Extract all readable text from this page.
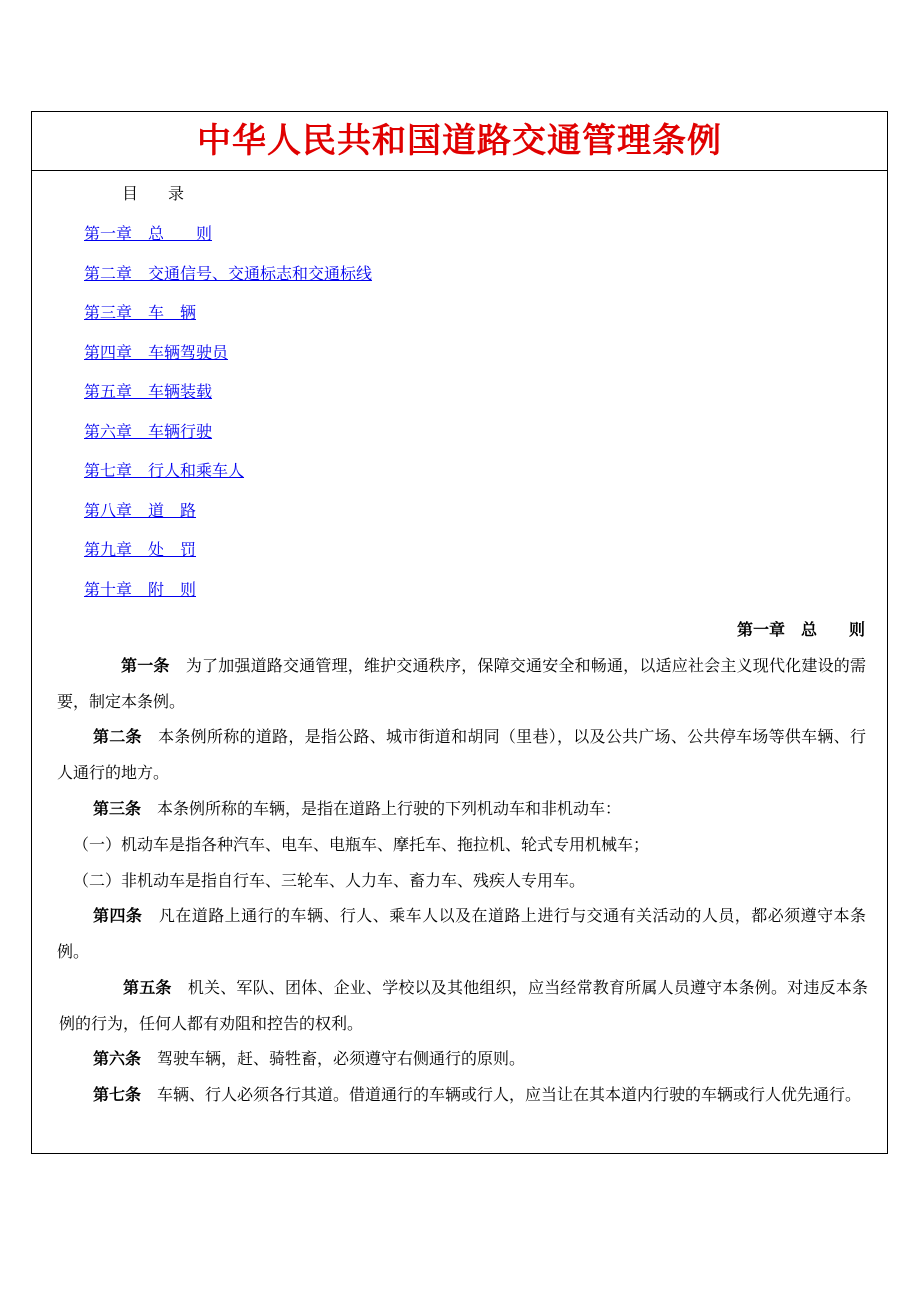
中华人民共和国道路交通管理条例
目 录
第一章　总　　则
第二章　交通信号、交通标志和交通标线
第三章　车　辆
第四章　车辆驾驶员
第五章　车辆装载
第六章　车辆行驶
第七章　行人和乘车人
第八章　道　路
第九章　处　罚
第十章　附　则
第一章　总　　则
第一条　 为了加强道路交通管理，维护交通秩序，保障交通安全和畅通，以适应社会主义现代化建设的需要，制定本条例。
第二条　 本条例所称的道路，是指公路、城市街道和胡同（里巷），以及公共广场、公共停车场等供车辆、行人通行的地方。
第三条　 本条例所称的车辆，是指在道路上行驶的下列机动车和非机动车：
（一）机动车是指各种汽车、电车、电瓶车、摩托车、拖拉机、轮式专用机械车；
（二）非机动车是指自行车、三轮车、人力车、畜力车、残疾人专用车。
第四条　 凡在道路上通行的车辆、行人、乘车人以及在道路上进行与交通有关活动的人员，都必须遵守本条例。
第五条　 机关、军队、团体、企业、学校以及其他组织，应当经常教育所属人员遵守本条例。对违反本条例的行为，任何人都有劝阻和控告的权利。
第六条　 驾驶车辆，赶、骑牲畜，必须遵守右侧通行的原则。
第七条　 车辆、行人必须各行其道。借道通行的车辆或行人，应当让在其本道内行驶的车辆或行人优先通行。
